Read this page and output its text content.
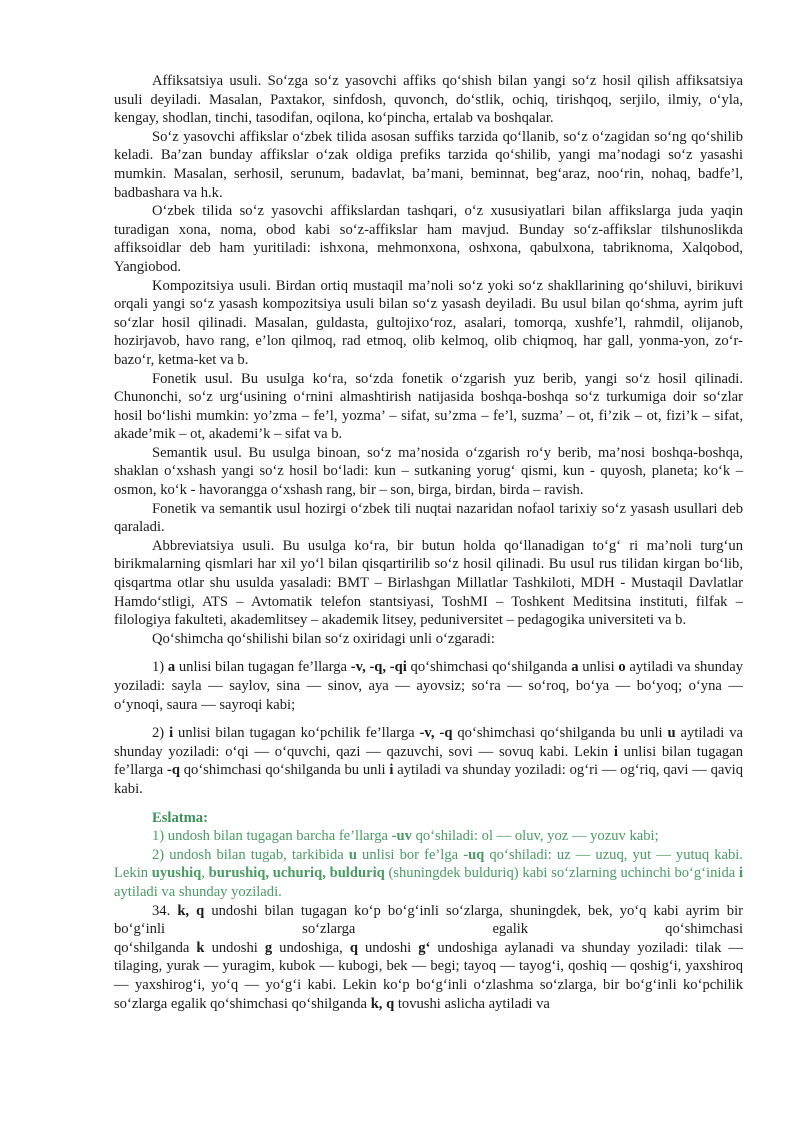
Affiksatsiya usuli. So‘zga so‘z yasovchi affiks qo‘shish bilan yangi so‘z hosil qilish affiksatsiya usuli deyiladi. Masalan, Paxtakor, sinfdosh, quvonch, do‘stlik, ochiq, tirishqoq, serjilo, ilmiy, o‘yla, kengay, shodlan, tinchi, tasodifan, oqilona, ko‘pincha, ertalab va boshqalar.

So‘z yasovchi affikslar o‘zbek tilida asosan suffiks tarzida qo‘llanib, so‘z o‘zagidan so‘ng qo‘shilib keladi. Ba’zan bunday affikslar o‘zak oldiga prefiks tarzida qo‘shilib, yangi ma’nodagi so‘z yasashi mumkin. Masalan, serhosil, serunum, badavlat, ba’mani, beminnat, beg‘araz, noo‘rin, nohaq, badfe’l, badbashara va h.k.

O‘zbek tilida so‘z yasovchi affikslardan tashqari, o‘z xususiyatlari bilan affikslarga juda yaqin turadigan xona, noma, obod kabi so‘z-affikslar ham mavjud. Bunday so‘z-affikslar tilshunoslikda affiksoidlar deb ham yuritiladi: ishxona, mehmonxona, oshxona, qabulxona, tabriknoma, Xalqobod, Yangiobod.

Kompozitsiya usuli. Birdan ortiq mustaqil ma’noli so‘z yoki so‘z shakllarining qo‘shiluvi, birikuvi orqali yangi so‘z yasash kompozitsiya usuli bilan so‘z yasash deyiladi. Bu usul bilan qo‘shma, ayrim juft so‘zlar hosil qilinadi. Masalan, guldasta, gultojixo‘roz, asalari, tomorqa, xushfe’l, rahmdil, olijanob, hozirjavob, havo rang, e’lon qilmoq, rad etmoq, olib kelmoq, olib chiqmoq, har gall, yonma-yon, zo‘r-bazo‘r, ketma-ket va b.

Fonetik usul. Bu usulga ko‘ra, so‘zda fonetik o‘zgarish yuz berib, yangi so‘z hosil qilinadi. Chunonchi, so‘z urg‘usining o‘rnini almashtirish natijasida boshqa-boshqa so‘z turkumiga doir so‘zlar hosil bo‘lishi mumkin: yo’zma – fe’l, yozma’ – sifat, su’zma – fe’l, suzma’ – ot, fi’zik – ot, fizi’k – sifat, akade’mik – ot, akademi’k – sifat va b.

Semantik usul. Bu usulga binoan, so‘z ma’nosida o‘zgarish ro‘y berib, ma’nosi boshqa-boshqa, shaklan o‘xshash yangi so‘z hosil bo‘ladi: kun – sutkaning yorug‘ qismi, kun - quyosh, planeta; ko‘k – osmon, ko‘k - havorangga o‘xshash rang, bir – son, birga, birdan, birda – ravish.

Fonetik va semantik usul hozirgi o‘zbek tili nuqtai nazaridan nofaol tarixiy so‘z yasash usullari deb qaraladi.

Abbreviatsiya usuli. Bu usulga ko‘ra, bir butun holda qo‘llanadigan to‘g‘ ri ma’noli turg‘un birikmalarning qismlari har xil yo‘l bilan qisqartirilib so‘z hosil qilinadi. Bu usul rus tilidan kirgan bo‘lib, qisqartma otlar shu usulda yasaladi: BMT – Birlashgan Millatlar Tashkiloti, MDH - Mustaqil Davlatlar Hamdo‘stligi, ATS – Avtomatik telefon stantsiyasi, ToshMI – Toshkent Meditsina instituti, filfak – filologiya fakulteti, akademlitsey – akademik litsey, peduniversitet – pedagogika universiteti va b.

Qo‘shimcha qo‘shilishi bilan so‘z oxiridagi unli o‘zgaradi:

1) a unlisi bilan tugagan fe’llarga -v, -q, -qi qo‘shimchasi qo‘shilganda a unlisi o aytiladi va shunday yoziladi: sayla — saylov, sina — sinov, aya — ayovsiz; so‘ra — so‘roq, bo‘ya — bo‘yoq; o‘yna — o‘ynoqi, saura — sayroqi kabi;

2) i unlisi bilan tugagan ko‘pchilik fe’llarga -v, -q qo‘shimchasi qo‘shilganda bu unli u aytiladi va shunday yoziladi: o‘qi — o‘quvchi, qazi — qazuvchi, sovi — sovuq kabi. Lekin i unlisi bilan tugagan fe’llarga -q qo‘shimchasi qo‘shilganda bu unli i aytiladi va shunday yoziladi: og‘ri — og‘riq, qavi — qaviq kabi.

Eslatma:

1) undosh bilan tugagan barcha fe’llarga -uv qo‘shiladi: ol — oluv, yoz — yozuv kabi;

2) undosh bilan tugab, tarkibida u unlisi bor fe’lga -uq qo‘shiladi: uz — uzuq, yut — yutuq kabi. Lekin uyushiq, burushiq, uchuriq, bulduriq (shuningdek bulduriq) kabi so‘zlarning uchinchi bo‘g‘inida i aytiladi va shunday yoziladi.

34. k, q undoshi bilan tugagan ko‘p bo‘g‘inli so‘zlarga, shuningdek, bek, yo‘q kabi ayrim bir bo‘g‘inli so‘zlarga egalik qo‘shimchasi

qo‘shilganda k undoshi g undoshiga, q undoshi g‘ undoshiga aylanadi va shunday yoziladi: tilak — tilaging, yurak — yuragim, kubok — kubogi, bek — begi; tayoq — tayog‘i, qoshiq — qoshig‘i, yaxshiroq — yaxshirog‘i, yo‘q — yo‘g‘i kabi. Lekin ko‘p bo‘g‘inli o‘zlashma so‘zlarga, bir bo‘g‘inli ko‘pchilik so‘zlarga egalik qo‘shimchasi qo‘shilganda k, q tovushi aslicha aytiladi va
